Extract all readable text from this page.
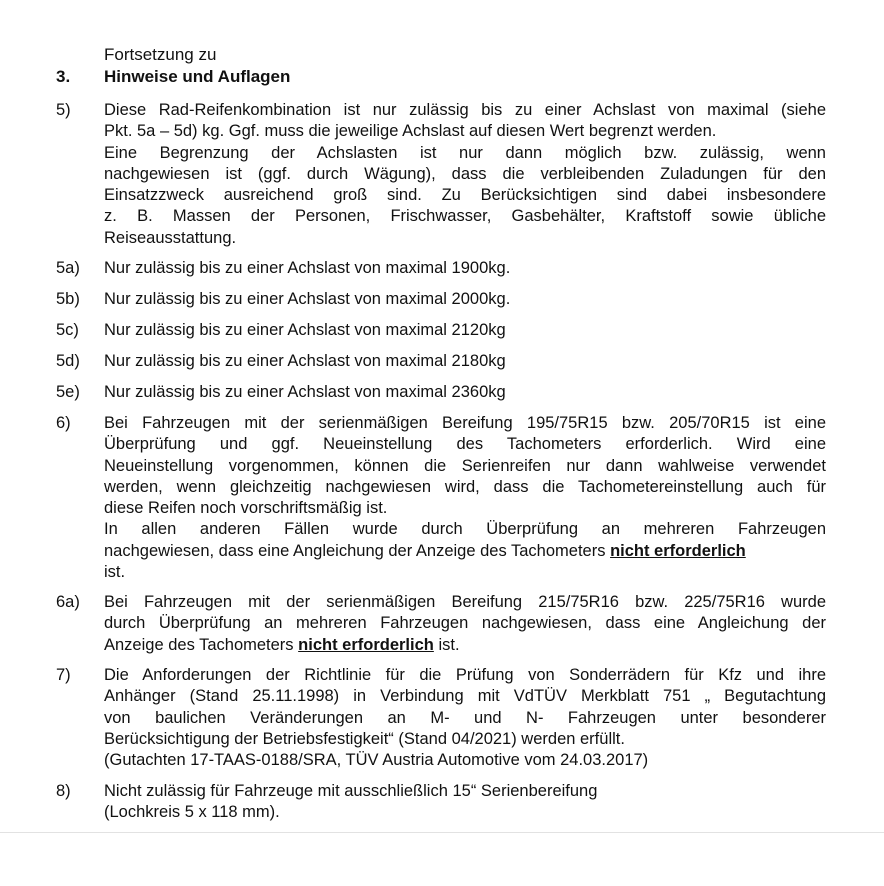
Fortsetzung zu
3. Hinweise und Auflagen
5) Diese Rad-Reifenkombination ist nur zulässig bis zu einer Achslast von maximal (siehe
Pkt. 5a – 5d) kg. Ggf. muss die jeweilige Achslast auf diesen Wert begrenzt werden.
Eine Begrenzung der Achslasten ist nur dann möglich bzw. zulässig, wenn
nachgewiesen ist (ggf. durch Wägung), dass die verbleibenden Zuladungen für den
Einsatzzweck ausreichend groß sind. Zu Berücksichtigen sind dabei insbesondere
z. B. Massen der Personen, Frischwasser, Gasbehälter, Kraftstoff sowie übliche
Reiseausstattung.
5a) Nur zulässig bis zu einer Achslast von maximal 1900kg.
5b) Nur zulässig bis zu einer Achslast von maximal 2000kg.
5c) Nur zulässig bis zu einer Achslast von maximal 2120kg
5d) Nur zulässig bis zu einer Achslast von maximal 2180kg
5e) Nur zulässig bis zu einer Achslast von maximal 2360kg
6) Bei Fahrzeugen mit der serienmäßigen Bereifung 195/75R15 bzw. 205/70R15 ist eine
Überprüfung und ggf. Neueinstellung des Tachometers erforderlich. Wird eine
Neueinstellung vorgenommen, können die Serienreifen nur dann wahlweise verwendet
werden, wenn gleichzeitig nachgewiesen wird, dass die Tachometereinstellung auch für
diese Reifen noch vorschriftsmäßig ist.
In allen anderen Fällen wurde durch Überprüfung an mehreren Fahrzeugen
nachgewiesen, dass eine Angleichung der Anzeige des Tachometers nicht erforderlich
ist.
6a) Bei Fahrzeugen mit der serienmäßigen Bereifung 215/75R16 bzw. 225/75R16 wurde
durch Überprüfung an mehreren Fahrzeugen nachgewiesen, dass eine Angleichung der
Anzeige des Tachometers nicht erforderlich ist.
7) Die Anforderungen der Richtlinie für die Prüfung von Sonderrädern für Kfz und ihre
Anhänger (Stand 25.11.1998) in Verbindung mit VdTÜV Merkblatt 751 „ Begutachtung
von baulichen Veränderungen an M- und N- Fahrzeugen unter besonderer
Berücksichtigung der Betriebsfestigkeit“ (Stand 04/2021) werden erfüllt.
(Gutachten 17-TAAS-0188/SRA, TÜV Austria Automotive vom 24.03.2017)
8) Nicht zulässig für Fahrzeuge mit ausschließlich 15“ Serienbereifung
(Lochkreis 5 x 118 mm).
